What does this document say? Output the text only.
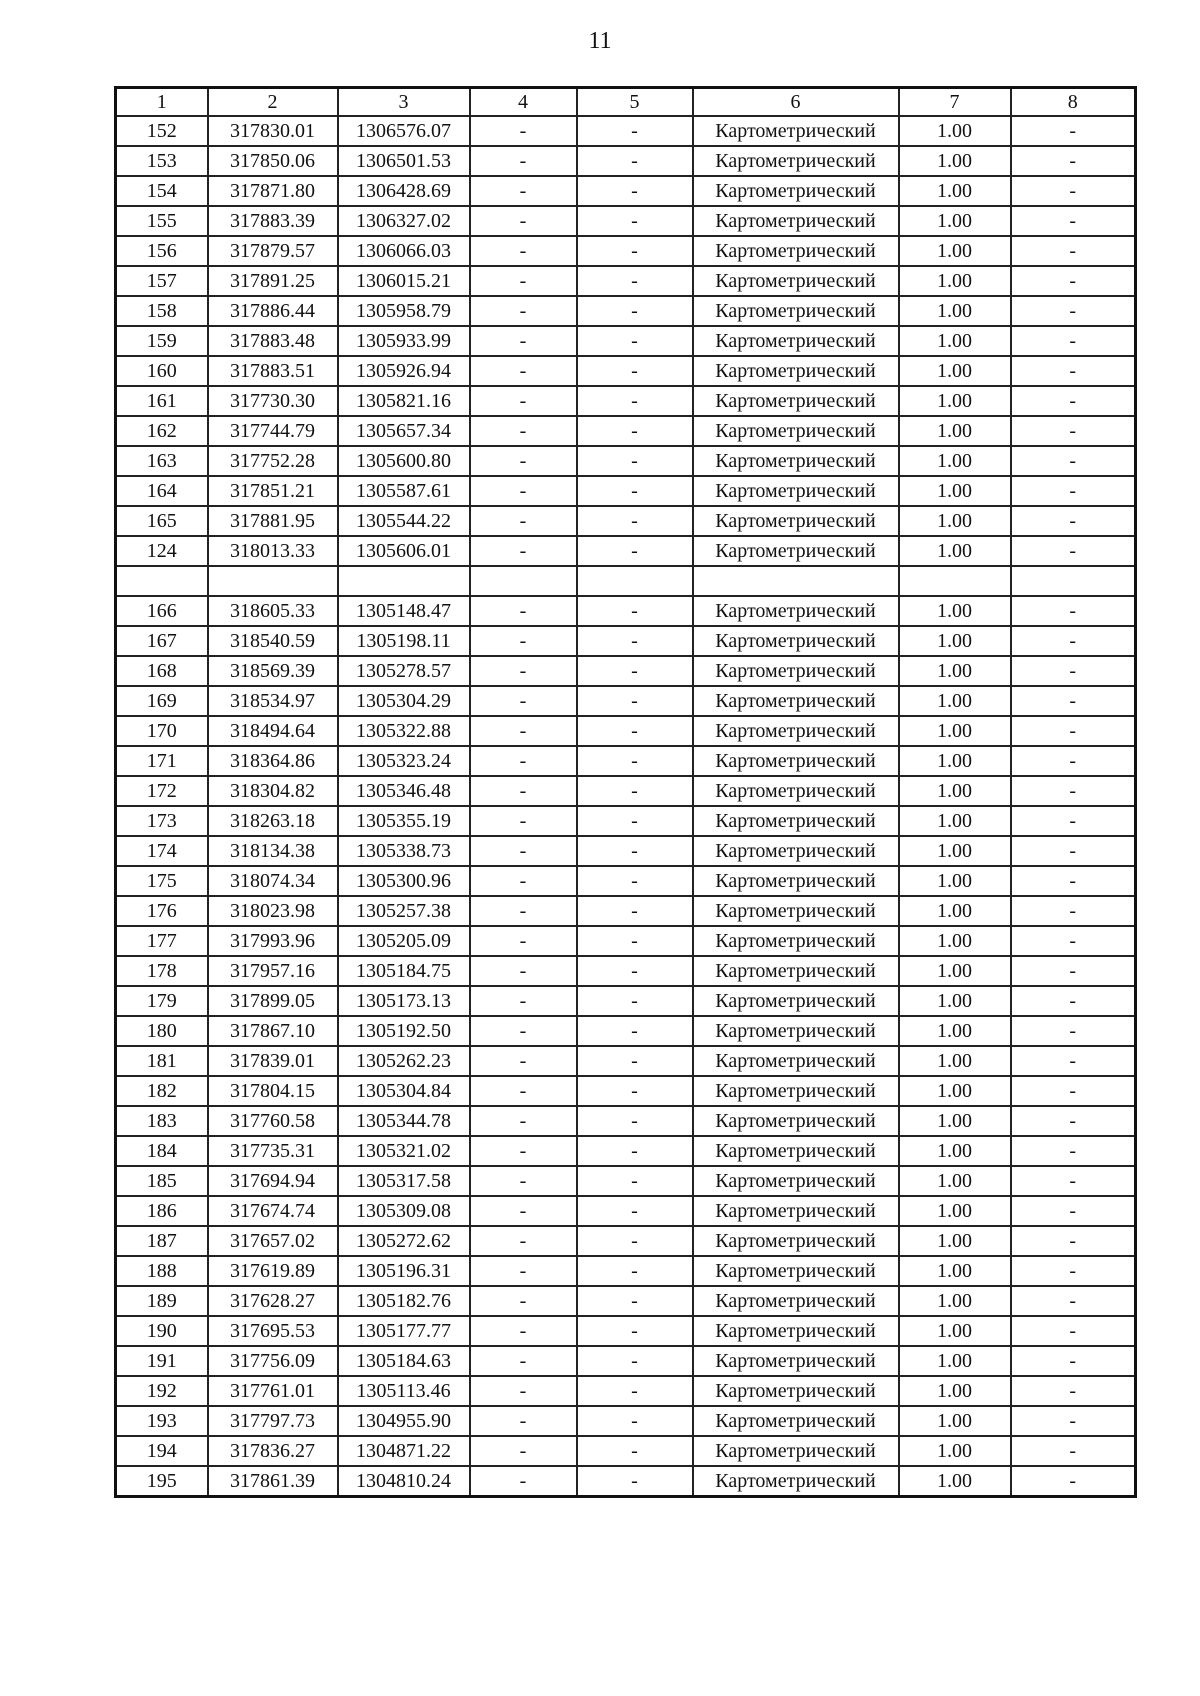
11
1	2	3	4	5	6	7	8
152	317830.01	1306576.07	-	-	Картометрический	1.00	-
153	317850.06	1306501.53	-	-	Картометрический	1.00	-
154	317871.80	1306428.69	-	-	Картометрический	1.00	-
155	317883.39	1306327.02	-	-	Картометрический	1.00	-
156	317879.57	1306066.03	-	-	Картометрический	1.00	-
157	317891.25	1306015.21	-	-	Картометрический	1.00	-
158	317886.44	1305958.79	-	-	Картометрический	1.00	-
159	317883.48	1305933.99	-	-	Картометрический	1.00	-
160	317883.51	1305926.94	-	-	Картометрический	1.00	-
161	317730.30	1305821.16	-	-	Картометрический	1.00	-
162	317744.79	1305657.34	-	-	Картометрический	1.00	-
163	317752.28	1305600.80	-	-	Картометрический	1.00	-
164	317851.21	1305587.61	-	-	Картометрический	1.00	-
165	317881.95	1305544.22	-	-	Картометрический	1.00	-
124	318013.33	1305606.01	-	-	Картометрический	1.00	-

166	318605.33	1305148.47	-	-	Картометрический	1.00	-
167	318540.59	1305198.11	-	-	Картометрический	1.00	-
168	318569.39	1305278.57	-	-	Картометрический	1.00	-
169	318534.97	1305304.29	-	-	Картометрический	1.00	-
170	318494.64	1305322.88	-	-	Картометрический	1.00	-
171	318364.86	1305323.24	-	-	Картометрический	1.00	-
172	318304.82	1305346.48	-	-	Картометрический	1.00	-
173	318263.18	1305355.19	-	-	Картометрический	1.00	-
174	318134.38	1305338.73	-	-	Картометрический	1.00	-
175	318074.34	1305300.96	-	-	Картометрический	1.00	-
176	318023.98	1305257.38	-	-	Картометрический	1.00	-
177	317993.96	1305205.09	-	-	Картометрический	1.00	-
178	317957.16	1305184.75	-	-	Картометрический	1.00	-
179	317899.05	1305173.13	-	-	Картометрический	1.00	-
180	317867.10	1305192.50	-	-	Картометрический	1.00	-
181	317839.01	1305262.23	-	-	Картометрический	1.00	-
182	317804.15	1305304.84	-	-	Картометрический	1.00	-
183	317760.58	1305344.78	-	-	Картометрический	1.00	-
184	317735.31	1305321.02	-	-	Картометрический	1.00	-
185	317694.94	1305317.58	-	-	Картометрический	1.00	-
186	317674.74	1305309.08	-	-	Картометрический	1.00	-
187	317657.02	1305272.62	-	-	Картометрический	1.00	-
188	317619.89	1305196.31	-	-	Картометрический	1.00	-
189	317628.27	1305182.76	-	-	Картометрический	1.00	-
190	317695.53	1305177.77	-	-	Картометрический	1.00	-
191	317756.09	1305184.63	-	-	Картометрический	1.00	-
192	317761.01	1305113.46	-	-	Картометрический	1.00	-
193	317797.73	1304955.90	-	-	Картометрический	1.00	-
194	317836.27	1304871.22	-	-	Картометрический	1.00	-
195	317861.39	1304810.24	-	-	Картометрический	1.00	-
